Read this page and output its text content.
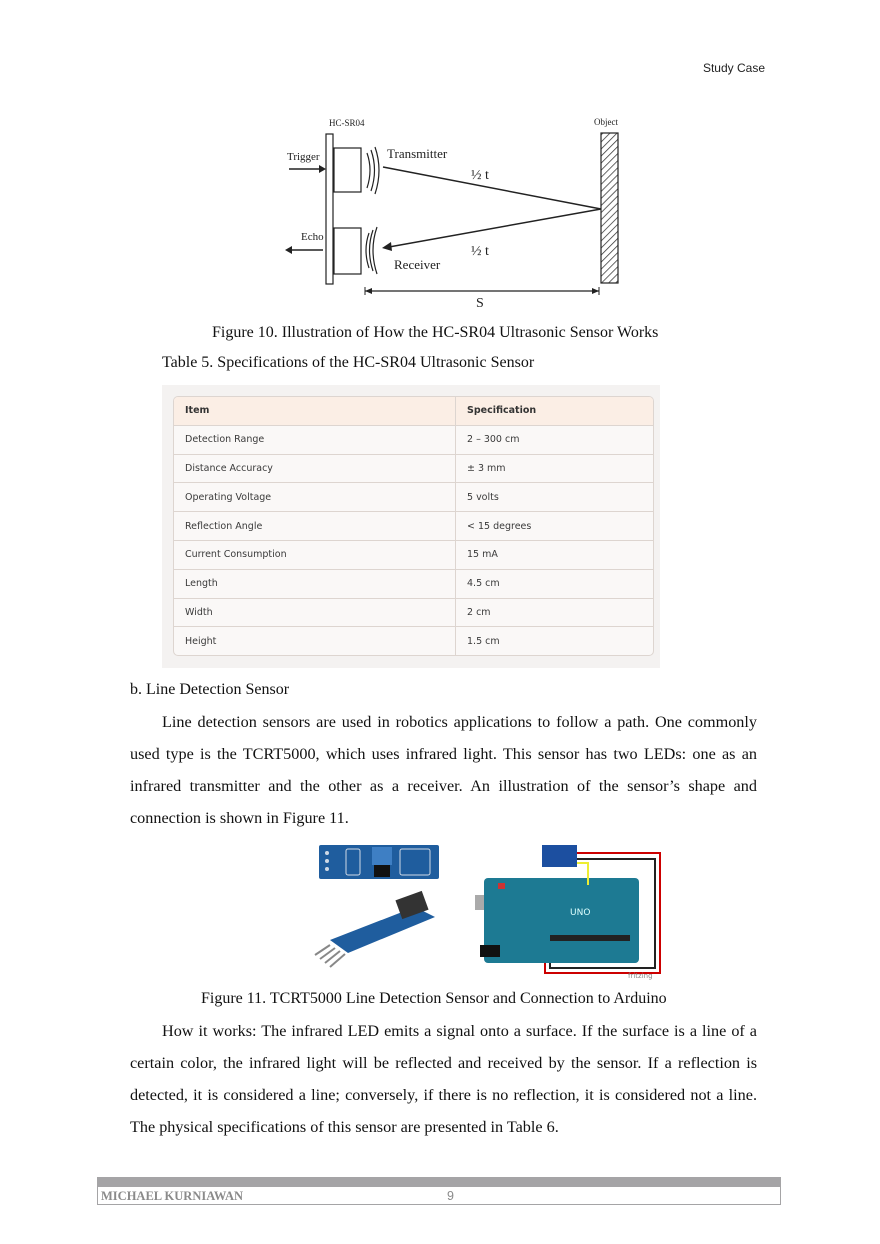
Study Case
HC-SR04	Object
Trigger
Echo
Transmitter
Receiver
½ t
½ t
S
Figure 10. Illustration of How the HC-SR04 Ultrasonic Sensor Works
Table 5. Specifications of the HC-SR04 Ultrasonic Sensor
Item	Specification
Detection Range	2 – 300 cm
Distance Accuracy	± 3 mm
Operating Voltage	5 volts
Reflection Angle	< 15 degrees
Current Consumption	15 mA
Length	4.5 cm
Width	2 cm
Height	1.5 cm
b. Line Detection Sensor

Line detection sensors are used in robotics applications to follow a path. One commonly used type is the TCRT5000, which uses infrared light. This sensor has two LEDs: one as an infrared transmitter and the other as a receiver. An illustration of the sensor’s shape and connection is shown in Figure 11.

UNO
fritzing
Figure 11. TCRT5000 Line Detection Sensor and Connection to Arduino

How it works: The infrared LED emits a signal onto a surface. If the surface is a line of a certain color, the infrared light will be reflected and received by the sensor. If a reflection is detected, it is considered a line; conversely, if there is no reflection, it is considered not a line. The physical specifications of this sensor are presented in Table 6.

MICHAEL KURNIAWAN	9
